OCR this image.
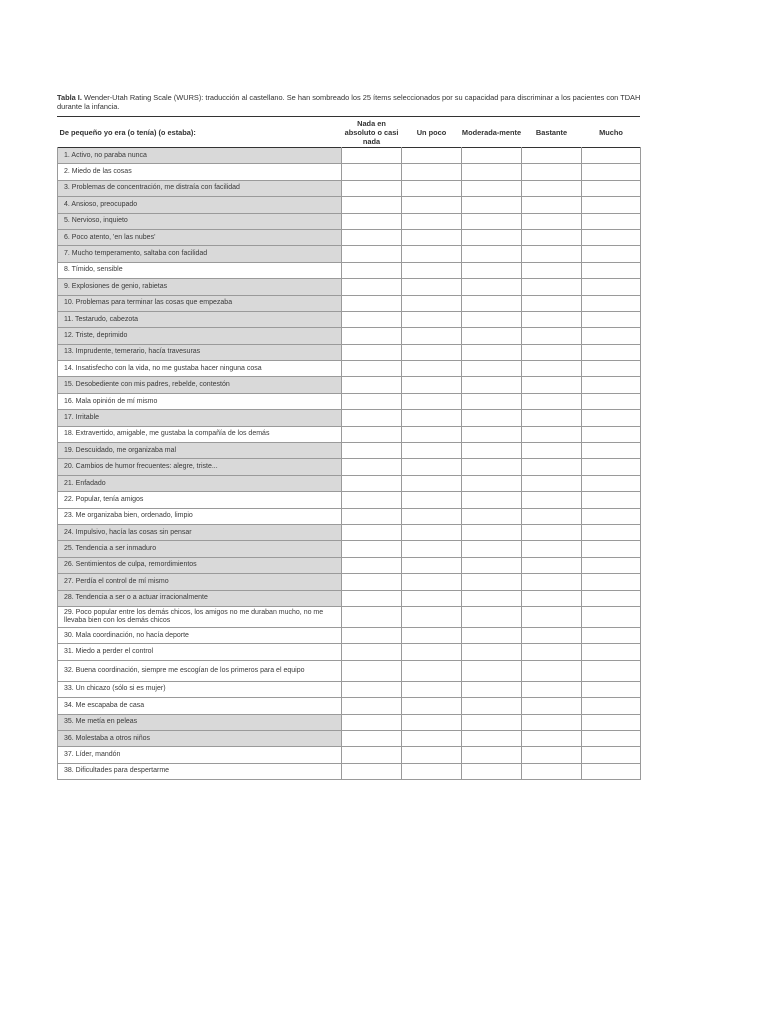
Tabla I. Wender-Utah Rating Scale (WURS): traducción al castellano. Se han sombreado los 25 ítems seleccionados por su capacidad para discriminar a los pacientes con TDAH durante la infancia.
De pequeño yo era (o tenía) (o estaba):	Nada en absoluto o casi nada	Un poco	Moderada-mente	Bastante	Mucho
1. Activo, no paraba nunca					
2. Miedo de las cosas					
3. Problemas de concentración, me distraía con facilidad					
4. Ansioso, preocupado					
5. Nervioso, inquieto					
6. Poco atento, 'en las nubes'					
7. Mucho temperamento, saltaba con facilidad					
8. Tímido, sensible					
9. Explosiones de genio, rabietas					
10. Problemas para terminar las cosas que empezaba					
11. Testarudo, cabezota					
12. Triste, deprimido					
13. Imprudente, temerario, hacía travesuras					
14. Insatisfecho con la vida, no me gustaba hacer ninguna cosa					
15. Desobediente con mis padres, rebelde, contestón					
16. Mala opinión de mí mismo					
17. Irritable					
18. Extravertido, amigable, me gustaba la compañía de los demás					
19. Descuidado, me organizaba mal					
20. Cambios de humor frecuentes: alegre, triste...					
21. Enfadado					
22. Popular, tenía amigos					
23. Me organizaba bien, ordenado, limpio					
24. Impulsivo, hacía las cosas sin pensar					
25. Tendencia a ser inmaduro					
26. Sentimientos de culpa, remordimientos					
27. Perdía el control de mí mismo					
28. Tendencia a ser o a actuar irracionalmente					
29. Poco popular entre los demás chicos, los amigos no me duraban mucho, no me llevaba bien con los demás chicos					
30. Mala coordinación, no hacía deporte					
31. Miedo a perder el control					
32. Buena coordinación, siempre me escogían de los primeros para el equipo					
33. Un chicazo (sólo si es mujer)					
34. Me escapaba de casa					
35. Me metía en peleas					
36. Molestaba a otros niños					
37. Líder, mandón					
38. Dificultades para despertarme					
